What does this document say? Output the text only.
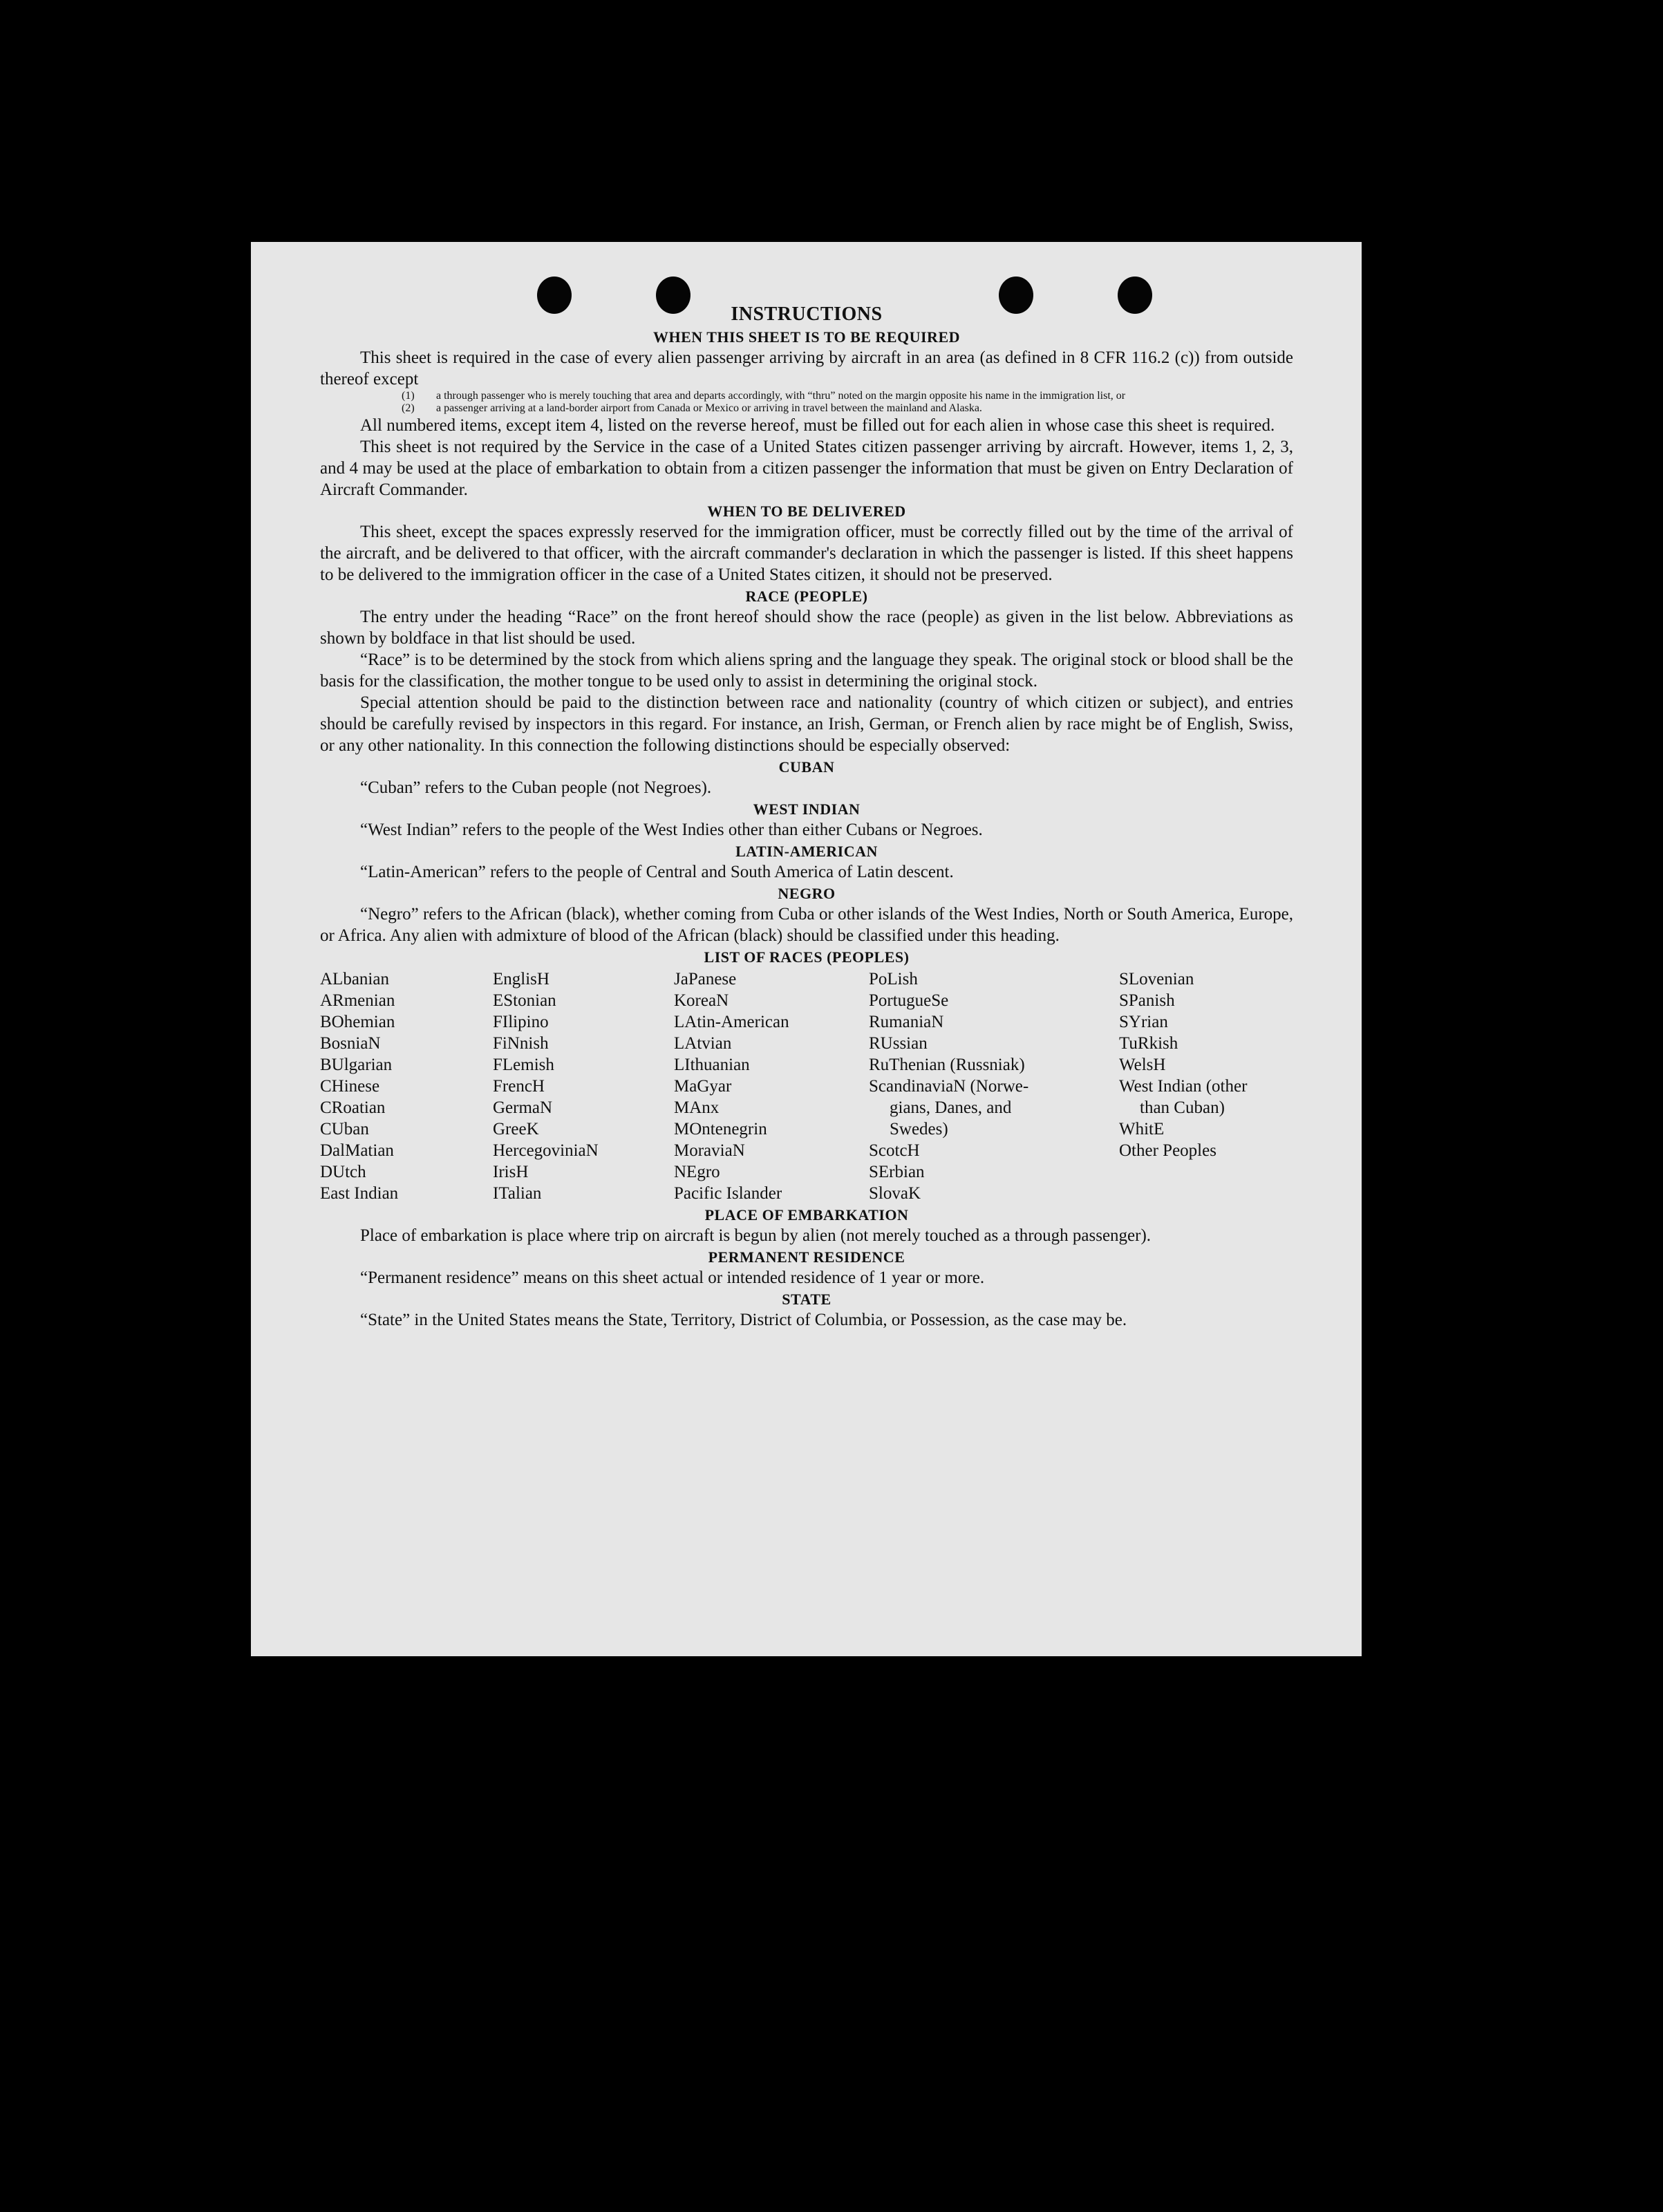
INSTRUCTIONS
WHEN THIS SHEET IS TO BE REQUIRED

This sheet is required in the case of every alien passenger arriving by aircraft in an area (as defined in 8 CFR 116.2 (c)) from outside thereof except

(1)	a through passenger who is merely touching that area and departs accordingly, with “thru” noted on the margin opposite his name in the immigration list, or
(2)	a passenger arriving at a land-border airport from Canada or Mexico or arriving in travel between the mainland and Alaska.

All numbered items, except item 4, listed on the reverse hereof, must be filled out for each alien in whose case this sheet is required.

This sheet is not required by the Service in the case of a United States citizen passenger arriving by aircraft. However, items 1, 2, 3, and 4 may be used at the place of embarkation to obtain from a citizen passenger the information that must be given on Entry Declaration of Aircraft Commander.

WHEN TO BE DELIVERED

This sheet, except the spaces expressly reserved for the immigration officer, must be correctly filled out by the time of the arrival of the aircraft, and be delivered to that officer, with the aircraft commander's declaration in which the passenger is listed. If this sheet happens to be delivered to the immigration officer in the case of a United States citizen, it should not be preserved.

RACE (PEOPLE)

The entry under the heading “Race” on the front hereof should show the race (people) as given in the list below. Abbreviations as shown by boldface in that list should be used.

“Race” is to be determined by the stock from which aliens spring and the language they speak. The original stock or blood shall be the basis for the classification, the mother tongue to be used only to assist in determining the original stock.

Special attention should be paid to the distinction between race and nationality (country of which citizen or subject), and entries should be carefully revised by inspectors in this regard. For instance, an Irish, German, or French alien by race might be of English, Swiss, or any other nationality. In this connection the following distinctions should be especially observed:

CUBAN

“Cuban” refers to the Cuban people (not Negroes).

WEST INDIAN

“West Indian” refers to the people of the West Indies other than either Cubans or Negroes.

LATIN-AMERICAN

“Latin-American” refers to the people of Central and South America of Latin descent.

NEGRO

“Negro” refers to the African (black), whether coming from Cuba or other islands of the West Indies, North or South America, Europe, or Africa. Any alien with admixture of blood of the African (black) should be classified under this heading.

LIST OF RACES (PEOPLES)
ALbanian
ARmenian
BOhemian
BosniaN
BUlgarian
CHinese
CRoatian
CUban
DalMatian
DUtch
East Indian
EnglisH
EStonian
FIlipino
FiNnish
FLemish
FrencH
GermaN
GreeK
HercegoviniaN
IrisH
ITalian
JaPanese
KoreaN
LAtin-American
LAtvian
LIthuanian
MaGyar
MAnx
MOntenegrin
MoraviaN
NEgro
Pacific Islander
PoLish
PortugueSe
RumaniaN
RUssian
RuThenian (Russniak)
ScandinaviaN (Norwe-
gians, Danes, and
Swedes)
ScotcH
SErbian
SlovaK
SLovenian
SPanish
SYrian
TuRkish
WelsH
West Indian (other
than Cuban)
WhitE
Other Peoples
PLACE OF EMBARKATION

Place of embarkation is place where trip on aircraft is begun by alien (not merely touched as a through passenger).

PERMANENT RESIDENCE

“Permanent residence” means on this sheet actual or intended residence of 1 year or more.

STATE

“State” in the United States means the State, Territory, District of Columbia, or Possession, as the case may be.
